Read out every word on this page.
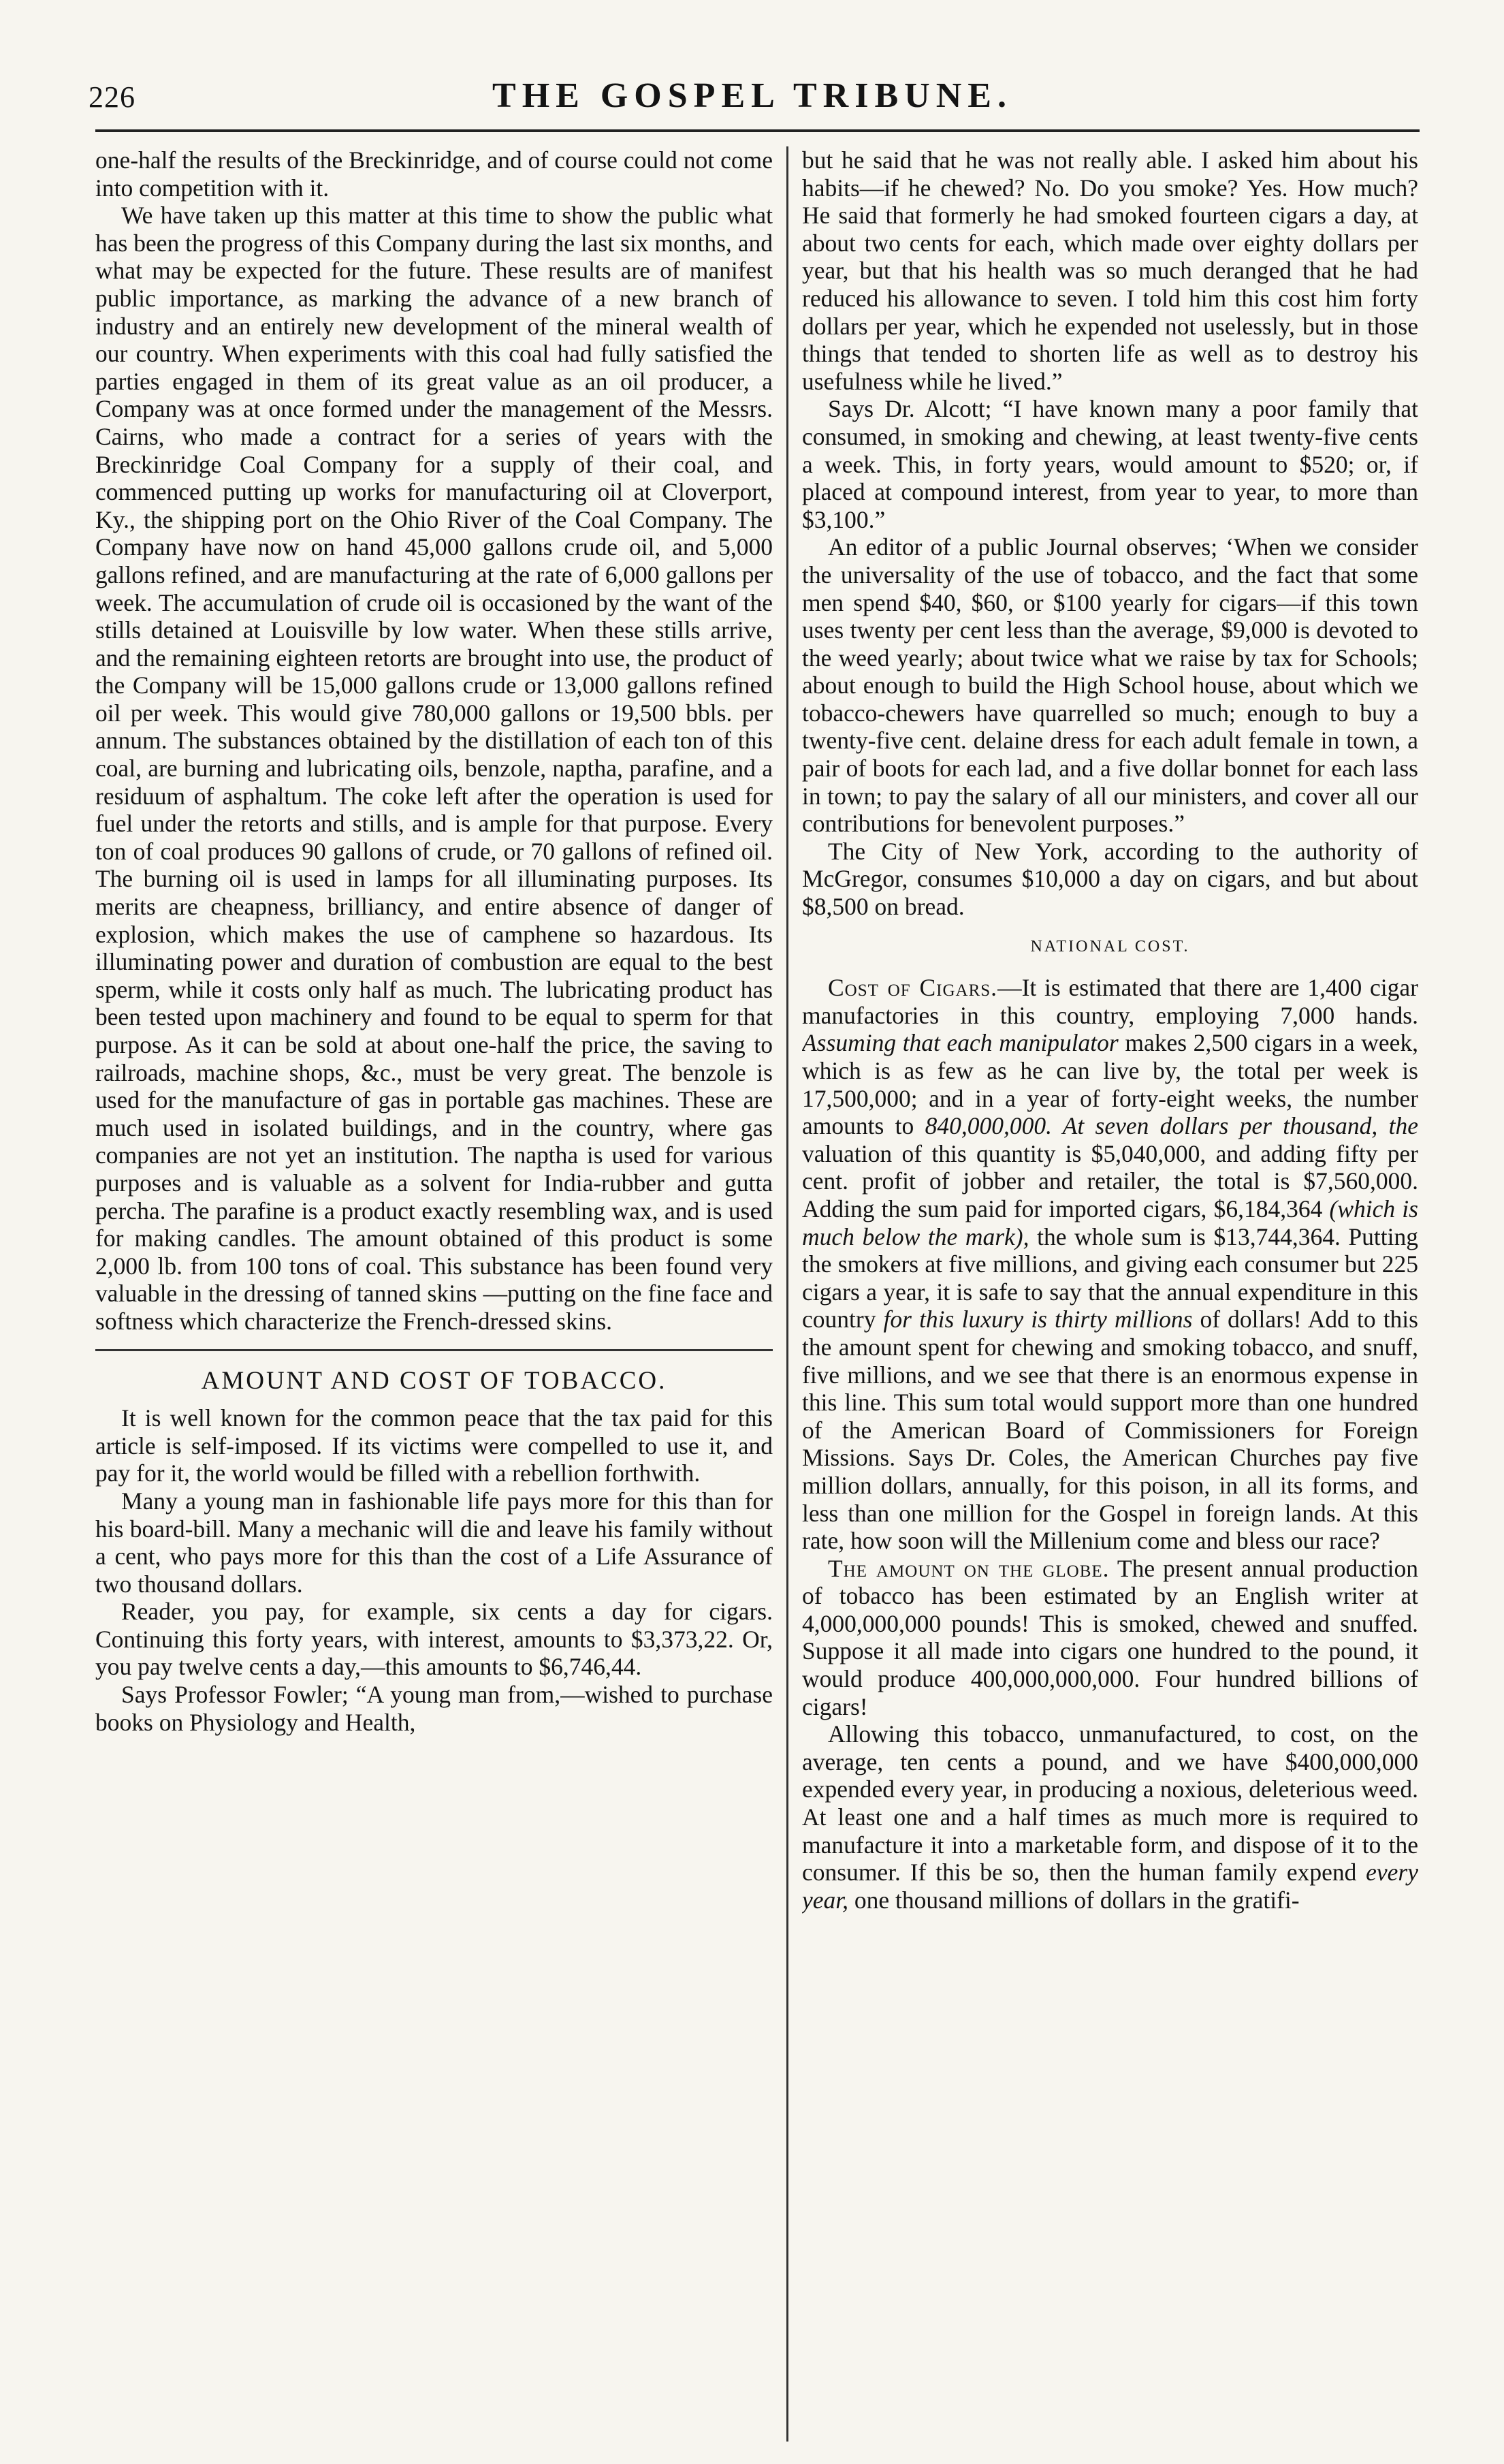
226	THE GOSPEL TRIBUNE.

one-half the results of the Breckinridge, and of course could not come into competition with it.

We have taken up this matter at this time to show the public what has been the progress of this Company during the last six months, and what may be expected for the future. These results are of manifest public importance, as marking the advance of a new branch of industry and an entirely new development of the mineral wealth of our country. When experiments with this coal had fully satisfied the parties engaged in them of its great value as an oil producer, a Company was at once formed under the management of the Messrs. Cairns, who made a contract for a series of years with the Breckinridge Coal Company for a supply of their coal, and commenced putting up works for manufacturing oil at Cloverport, Ky., the shipping port on the Ohio River of the Coal Company. The Company have now on hand 45,000 gallons crude oil, and 5,000 gallons refined, and are manufacturing at the rate of 6,000 gallons per week. The accumulation of crude oil is occasioned by the want of the stills detained at Louisville by low water. When these stills arrive, and the remaining eighteen retorts are brought into use, the product of the Company will be 15,000 gallons crude or 13,000 gallons refined oil per week. This would give 780,000 gallons or 19,500 bbls. per annum. The substances obtained by the distillation of each ton of this coal, are burning and lubricating oils, benzole, naptha, parafine, and a residuum of asphaltum. The coke left after the operation is used for fuel under the retorts and stills, and is ample for that purpose. Every ton of coal produces 90 gallons of crude, or 70 gallons of refined oil. The burning oil is used in lamps for all illuminating purposes. Its merits are cheapness, brilliancy, and entire absence of danger of explosion, which makes the use of camphene so hazardous. Its illuminating power and duration of combustion are equal to the best sperm, while it costs only half as much. The lubricating product has been tested upon machinery and found to be equal to sperm for that purpose. As it can be sold at about one-half the price, the saving to railroads, machine shops, &c., must be very great. The benzole is used for the manufacture of gas in portable gas machines. These are much used in isolated buildings, and in the country, where gas companies are not yet an institution. The naptha is used for various purposes and is valuable as a solvent for India-rubber and gutta percha. The parafine is a product exactly resembling wax, and is used for making candles. The amount obtained of this product is some 2,000 lb. from 100 tons of coal. This substance has been found very valuable in the dressing of tanned skins —putting on the fine face and softness which characterize the French-dressed skins.

AMOUNT AND COST OF TOBACCO.

It is well known for the common peace that the tax paid for this article is self-imposed. If its victims were compelled to use it, and pay for it, the world would be filled with a rebellion forthwith.

Many a young man in fashionable life pays more for this than for his board-bill. Many a mechanic will die and leave his family without a cent, who pays more for this than the cost of a Life Assurance of two thousand dollars.

Reader, you pay, for example, six cents a day for cigars. Continuing this forty years, with interest, amounts to $3,373,22. Or, you pay twelve cents a day,—this amounts to $6,746,44.

Says Professor Fowler; “A young man from,—wished to purchase books on Physiology and Health,

but he said that he was not really able. I asked him about his habits—if he chewed? No. Do you smoke? Yes. How much? He said that formerly he had smoked fourteen cigars a day, at about two cents for each, which made over eighty dollars per year, but that his health was so much deranged that he had reduced his allowance to seven. I told him this cost him forty dollars per year, which he expended not uselessly, but in those things that tended to shorten life as well as to destroy his usefulness while he lived.”

Says Dr. Alcott; “I have known many a poor family that consumed, in smoking and chewing, at least twenty-five cents a week. This, in forty years, would amount to $520; or, if placed at compound interest, from year to year, to more than $3,100.”

An editor of a public Journal observes; ‘When we consider the universality of the use of tobacco, and the fact that some men spend $40, $60, or $100 yearly for cigars—if this town uses twenty per cent less than the average, $9,000 is devoted to the weed yearly; about twice what we raise by tax for Schools; about enough to build the High School house, about which we tobacco-chewers have quarrelled so much; enough to buy a twenty-five cent. delaine dress for each adult female in town, a pair of boots for each lad, and a five dollar bonnet for each lass in town; to pay the salary of all our ministers, and cover all our contributions for benevolent purposes.”

The City of New York, according to the authority of McGregor, consumes $10,000 a day on cigars, and but about $8,500 on bread.

NATIONAL COST.

Cost of Cigars.—It is estimated that there are 1,400 cigar manufactories in this country, employing 7,000 hands. Assuming that each manipulator makes 2,500 cigars in a week, which is as few as he can live by, the total per week is 17,500,000; and in a year of forty-eight weeks, the number amounts to 840,000,000. At seven dollars per thousand, the valuation of this quantity is $5,040,000, and adding fifty per cent. profit of jobber and retailer, the total is $7,560,000. Adding the sum paid for imported cigars, $6,184,364 (which is much below the mark), the whole sum is $13,744,364. Putting the smokers at five millions, and giving each consumer but 225 cigars a year, it is safe to say that the annual expenditure in this country for this luxury is thirty millions of dollars! Add to this the amount spent for chewing and smoking tobacco, and snuff, five millions, and we see that there is an enormous expense in this line. This sum total would support more than one hundred of the American Board of Commissioners for Foreign Missions. Says Dr. Coles, the American Churches pay five million dollars, annually, for this poison, in all its forms, and less than one million for the Gospel in foreign lands. At this rate, how soon will the Millenium come and bless our race?

The amount on the globe. The present annual production of tobacco has been estimated by an English writer at 4,000,000,000 pounds! This is smoked, chewed and snuffed. Suppose it all made into cigars one hundred to the pound, it would produce 400,000,000,000. Four hundred billions of cigars!

Allowing this tobacco, unmanufactured, to cost, on the average, ten cents a pound, and we have $400,000,000 expended every year, in producing a noxious, deleterious weed. At least one and a half times as much more is required to manufacture it into a marketable form, and dispose of it to the consumer. If this be so, then the human family expend every year, one thousand millions of dollars in the gratifi-
